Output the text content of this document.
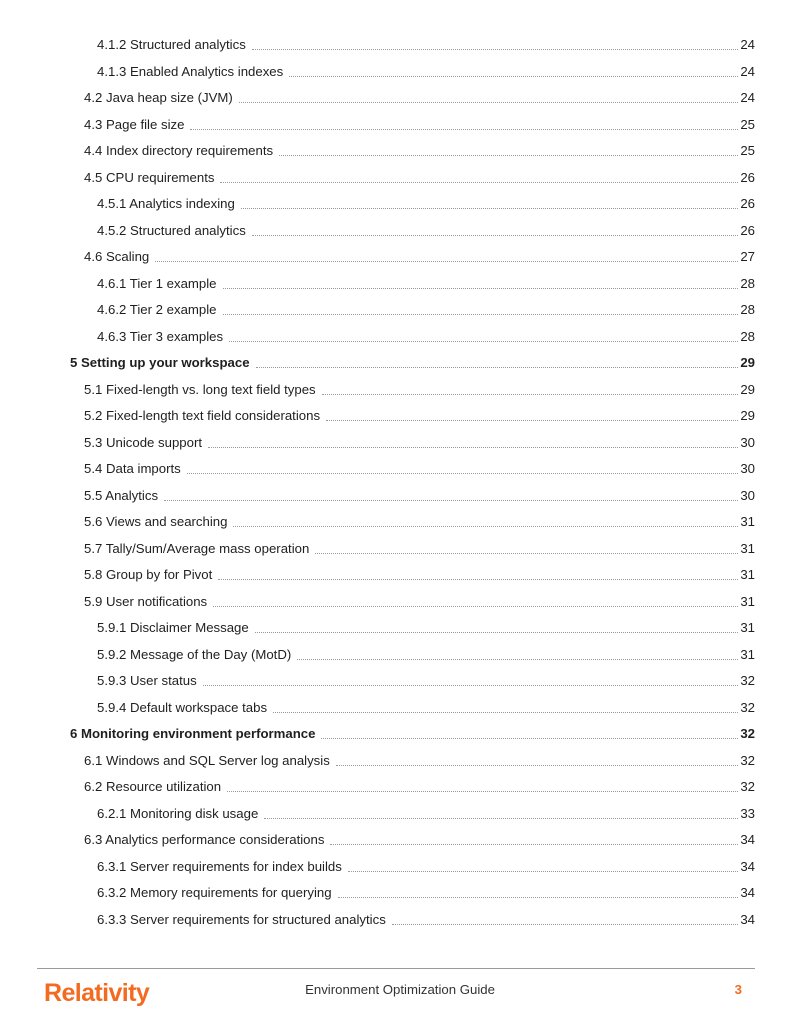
4.1.2 Structured analytics	24
4.1.3 Enabled Analytics indexes	24
4.2 Java heap size (JVM)	24
4.3 Page file size	25
4.4 Index directory requirements	25
4.5 CPU requirements	26
4.5.1 Analytics indexing	26
4.5.2 Structured analytics	26
4.6 Scaling	27
4.6.1 Tier 1 example	28
4.6.2 Tier 2 example	28
4.6.3 Tier 3 examples	28
5 Setting up your workspace	29
5.1 Fixed-length vs. long text field types	29
5.2 Fixed-length text field considerations	29
5.3 Unicode support	30
5.4 Data imports	30
5.5 Analytics	30
5.6 Views and searching	31
5.7 Tally/Sum/Average mass operation	31
5.8 Group by for Pivot	31
5.9 User notifications	31
5.9.1 Disclaimer Message	31
5.9.2 Message of the Day (MotD)	31
5.9.3 User status	32
5.9.4 Default workspace tabs	32
6 Monitoring environment performance	32
6.1 Windows and SQL Server log analysis	32
6.2 Resource utilization	32
6.2.1 Monitoring disk usage	33
6.3 Analytics performance considerations	34
6.3.1 Server requirements for index builds	34
6.3.2 Memory requirements for querying	34
6.3.3 Server requirements for structured analytics	34
Relativity	Environment Optimization Guide	3
